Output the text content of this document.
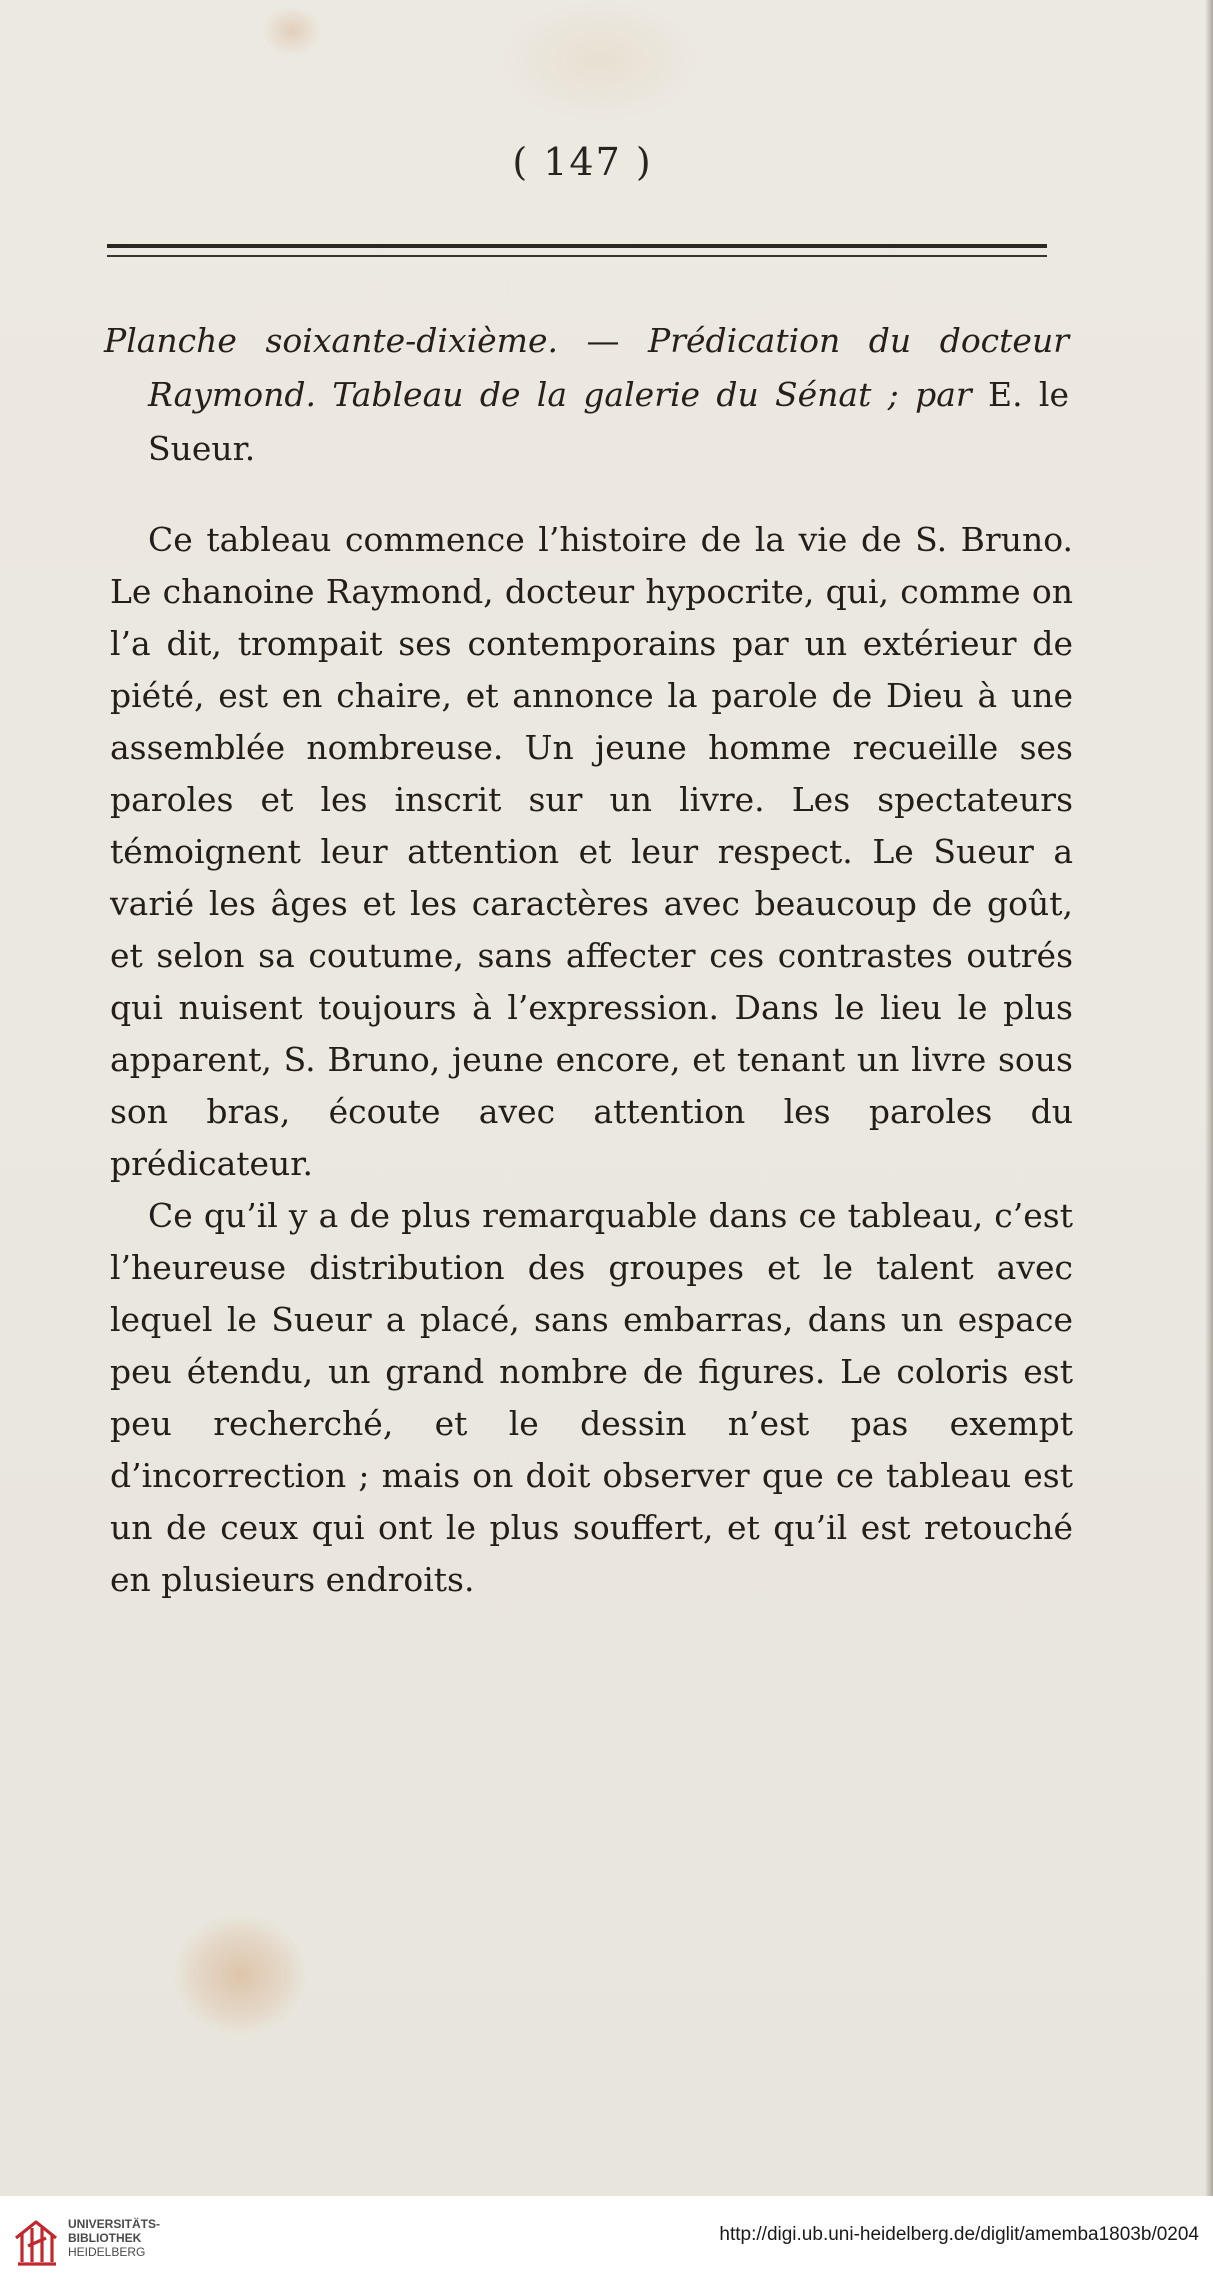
( 147 )
Planche soixante-dixième. — Prédication du docteur Raymond. Tableau de la galerie du Sénat ; par E. le Sueur.

Ce tableau commence l’histoire de la vie de S. Bruno. Le chanoine Raymond, docteur hypocrite, qui, comme on l’a dit, trompait ses contemporains par un extérieur de piété, est en chaire, et annonce la parole de Dieu à une assemblée nombreuse. Un jeune homme recueille ses paroles et les inscrit sur un livre. Les spectateurs témoignent leur attention et leur respect. Le Sueur a varié les âges et les caractères avec beaucoup de goût, et selon sa coutume, sans affecter ces contrastes outrés qui nuisent toujours à l’expression. Dans le lieu le plus apparent, S. Bruno, jeune encore, et tenant un livre sous son bras, écoute avec attention les paroles du prédicateur.

Ce qu’il y a de plus remarquable dans ce tableau, c’est l’heureuse distribution des groupes et le talent avec lequel le Sueur a placé, sans embarras, dans un espace peu étendu, un grand nombre de figures. Le coloris est peu recherché, et le dessin n’est pas exempt d’incorrection ; mais on doit observer que ce tableau est un de ceux qui ont le plus souffert, et qu’il est retouché en plusieurs endroits.

UNIVERSITÄTS-
BIBLIOTHEK
HEIDELBERG
http://digi.ub.uni-heidelberg.de/diglit/amemba1803b/0204
